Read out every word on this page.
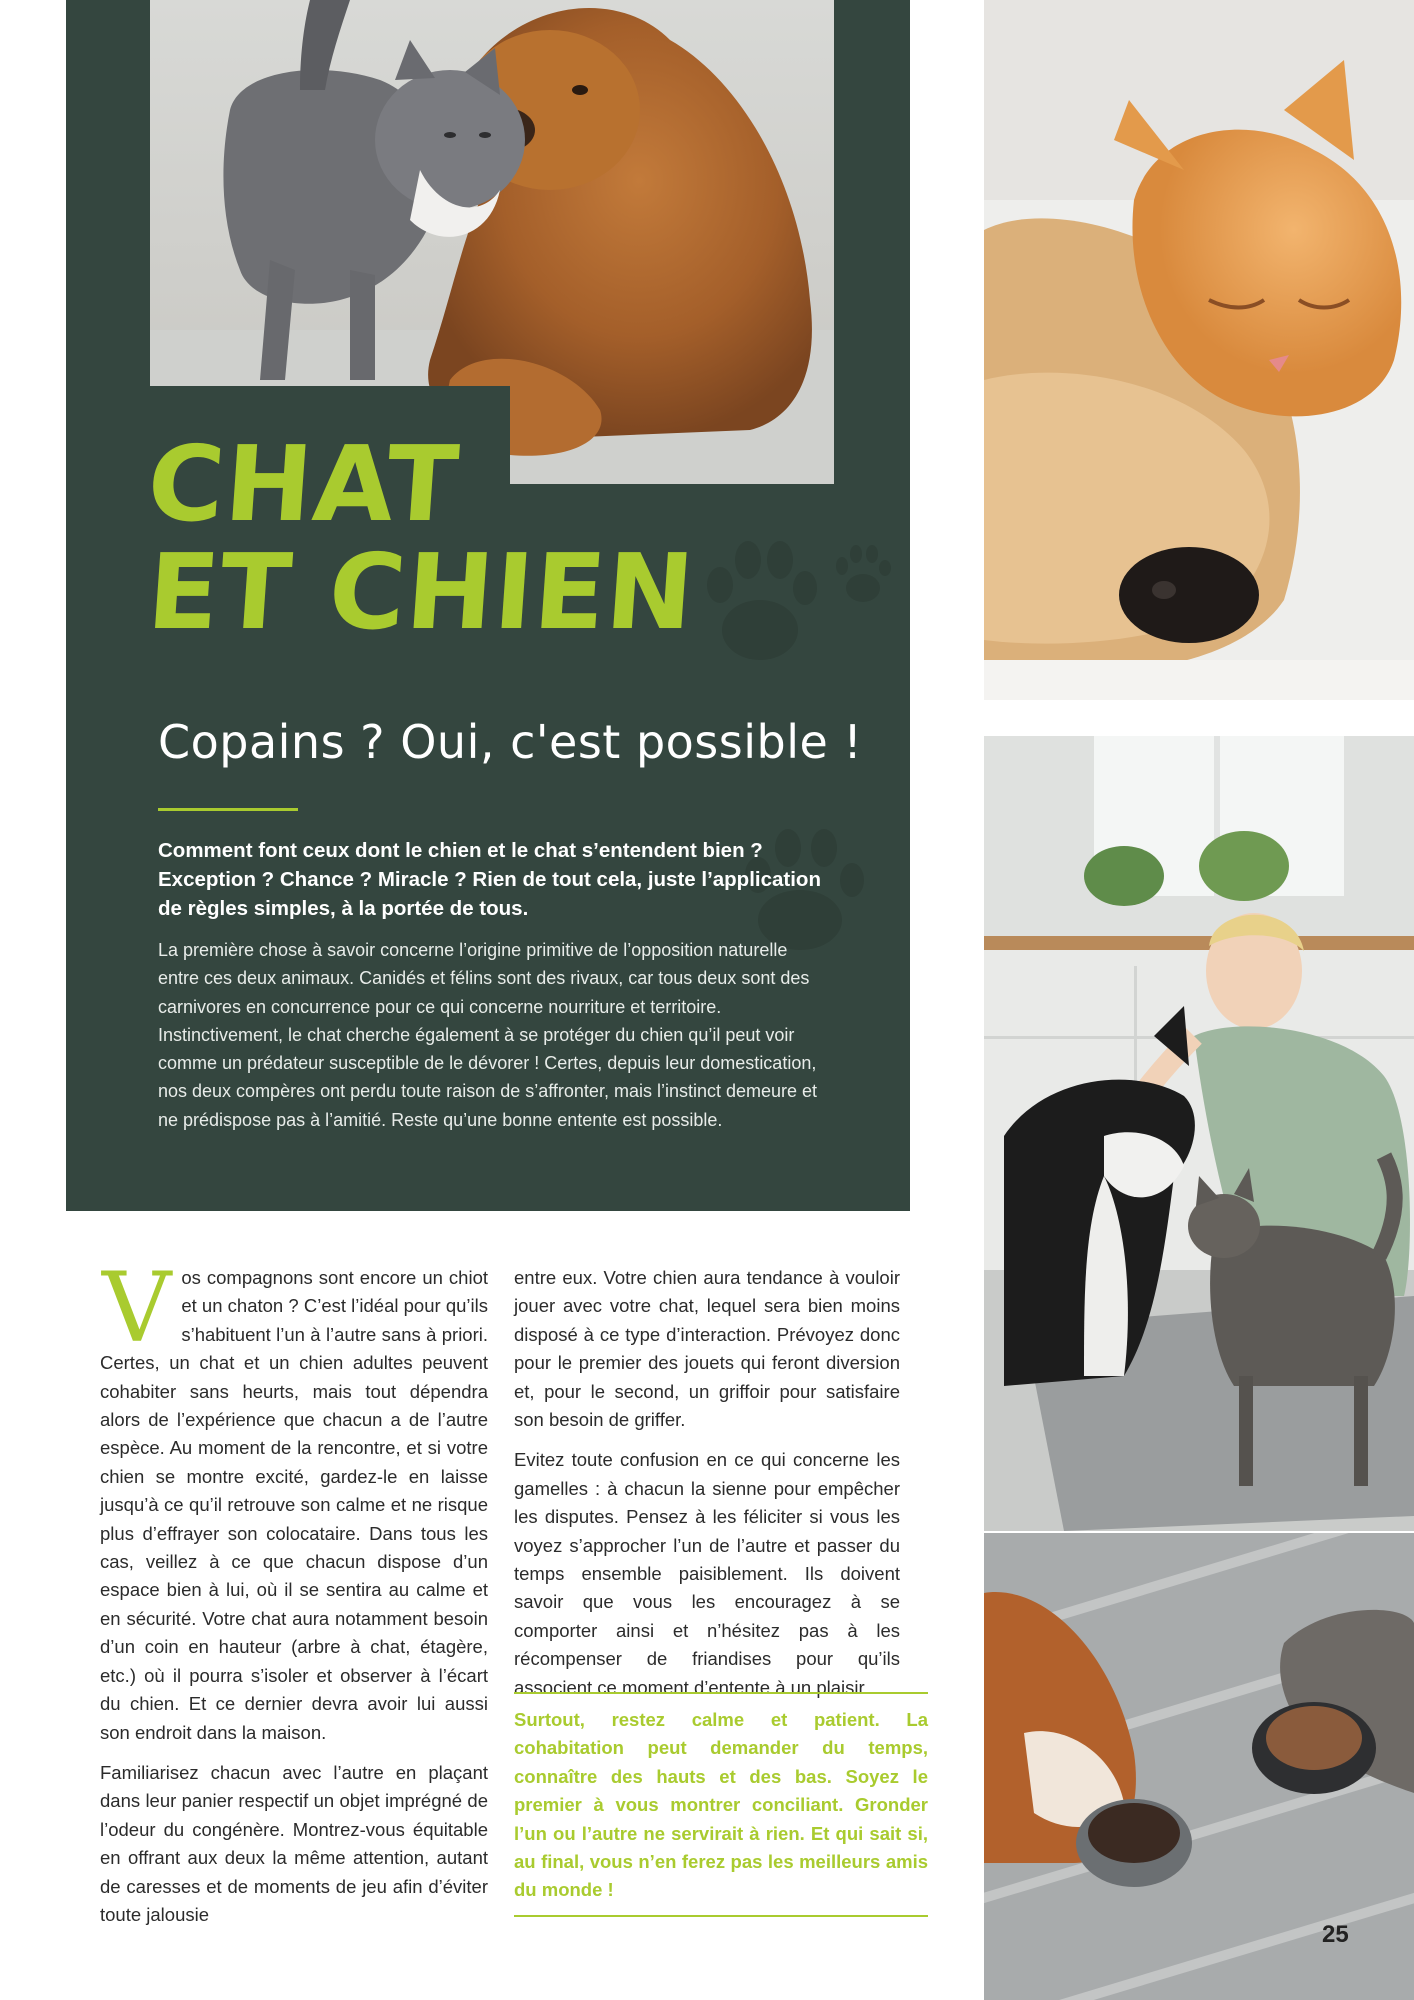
CHAT
ET CHIEN
Copains ? Oui, c'est possible !

Comment font ceux dont le chien et le chat s’entendent bien ? Exception ? Chance ? Miracle ? Rien de tout cela, juste l’application de règles simples, à la portée de tous.

La première chose à savoir concerne l’origine primitive de l’opposition naturelle entre ces deux animaux. Canidés et félins sont des rivaux, car tous deux sont des carnivores en concurrence pour ce qui concerne nourriture et territoire. Instinctivement, le chat cherche également à se protéger du chien qu’il peut voir comme un prédateur susceptible de le dévorer ! Certes, depuis leur domestication, nos deux compères ont perdu toute raison de s’affronter, mais l’instinct demeure et ne prédispose pas à l’amitié. Reste qu’une bonne entente est possible.

Vos compagnons sont encore un chiot et un chaton ? C’est l’idéal pour qu’ils s’habituent l’un à l’autre sans à priori. Certes, un chat et un chien adultes peuvent cohabiter sans heurts, mais tout dépendra alors de l’expérience que chacun a de l’autre espèce. Au moment de la rencontre, et si votre chien se montre excité, gardez-le en laisse jusqu’à ce qu’il retrouve son calme et ne risque plus d’effrayer son colocataire. Dans tous les cas, veillez à ce que chacun dispose d’un espace bien à lui, où il se sentira au calme et en sécurité. Votre chat aura notamment besoin d’un coin en hauteur (arbre à chat, étagère, etc.) où il pourra s’isoler et observer à l’écart du chien. Et ce dernier devra avoir lui aussi son endroit dans la maison.

Familiarisez chacun avec l’autre en plaçant dans leur panier respectif un objet imprégné de l’odeur du congénère. Montrez-vous équitable en offrant aux deux la même attention, autant de caresses et de moments de jeu afin d’éviter toute jalousie

entre eux. Votre chien aura tendance à vouloir jouer avec votre chat, lequel sera bien moins disposé à ce type d’interaction. Prévoyez donc pour le premier des jouets qui feront diversion et, pour le second, un griffoir pour satisfaire son besoin de griffer.

Evitez toute confusion en ce qui concerne les gamelles : à chacun la sienne pour empêcher les disputes. Pensez à les féliciter si vous les voyez s’approcher l’un de l’autre et passer du temps ensemble paisiblement. Ils doivent savoir que vous les encouragez à se comporter ainsi et n’hésitez pas à les récompenser de friandises pour qu’ils associent ce moment d’entente à un plaisir.

Surtout, restez calme et patient. La cohabitation peut demander du temps, connaître des hauts et des bas. Soyez le premier à vous montrer conciliant. Gronder l’un ou l’autre ne servirait à rien. Et qui sait si, au final, vous n’en ferez pas les meilleurs amis du monde !

25
